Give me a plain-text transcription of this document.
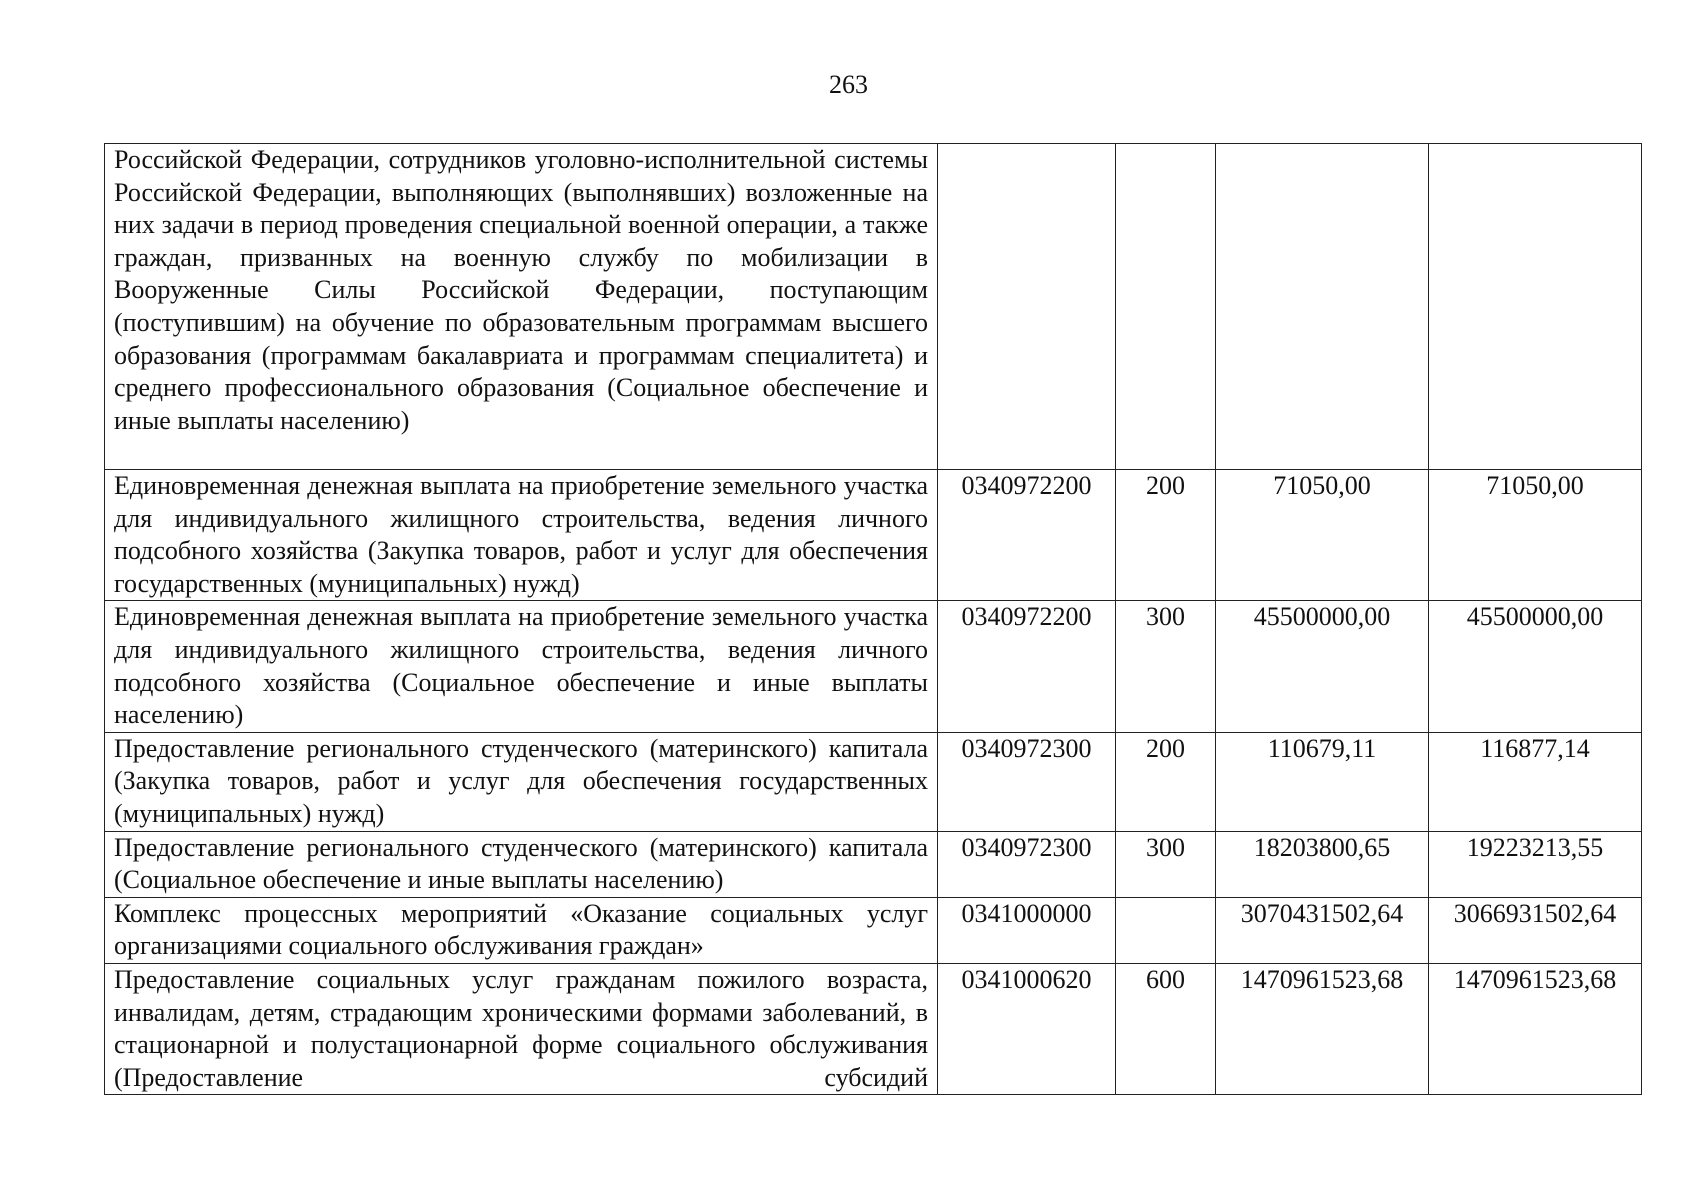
263
Российской Федерации, сотрудников уголовно-исполнительной системы Российской Федерации, выполняющих (выполнявших) возложенные на них задачи в период проведения специальной военной операции, а также граждан, призванных на военную службу по мобилизации в Вооруженные Силы Российской Федерации, поступающим (поступившим) на обучение по образовательным программам высшего образования (программам бакалавриата и программам специалитета) и среднего профессионального образования (Социальное обеспечение и иные выплаты населению)				
Единовременная денежная выплата на приобретение земельного участка для индивидуального жилищного строительства, ведения личного подсобного хозяйства (Закупка товаров, работ и услуг для обеспечения государственных (муниципальных) нужд)	0340972200	200	71050,00	71050,00
Единовременная денежная выплата на приобретение земельного участка для индивидуального жилищного строительства, ведения личного подсобного хозяйства (Социальное обеспечение и иные выплаты населению)	0340972200	300	45500000,00	45500000,00
Предоставление регионального студенческого (материнского) капитала (Закупка товаров, работ и услуг для обеспечения государственных (муниципальных) нужд)	0340972300	200	110679,11	116877,14
Предоставление регионального студенческого (материнского) капитала (Социальное обеспечение и иные выплаты населению)	0340972300	300	18203800,65	19223213,55
Комплекс процессных мероприятий «Оказание социальных услуг организациями социального обслуживания граждан»	0341000000		3070431502,64	3066931502,64
Предоставление социальных услуг гражданам пожилого возраста, инвалидам, детям, страдающим хроническими формами заболеваний, в стационарной и полустационарной форме социального обслуживания (Предоставление субсидий	0341000620	600	1470961523,68	1470961523,68
